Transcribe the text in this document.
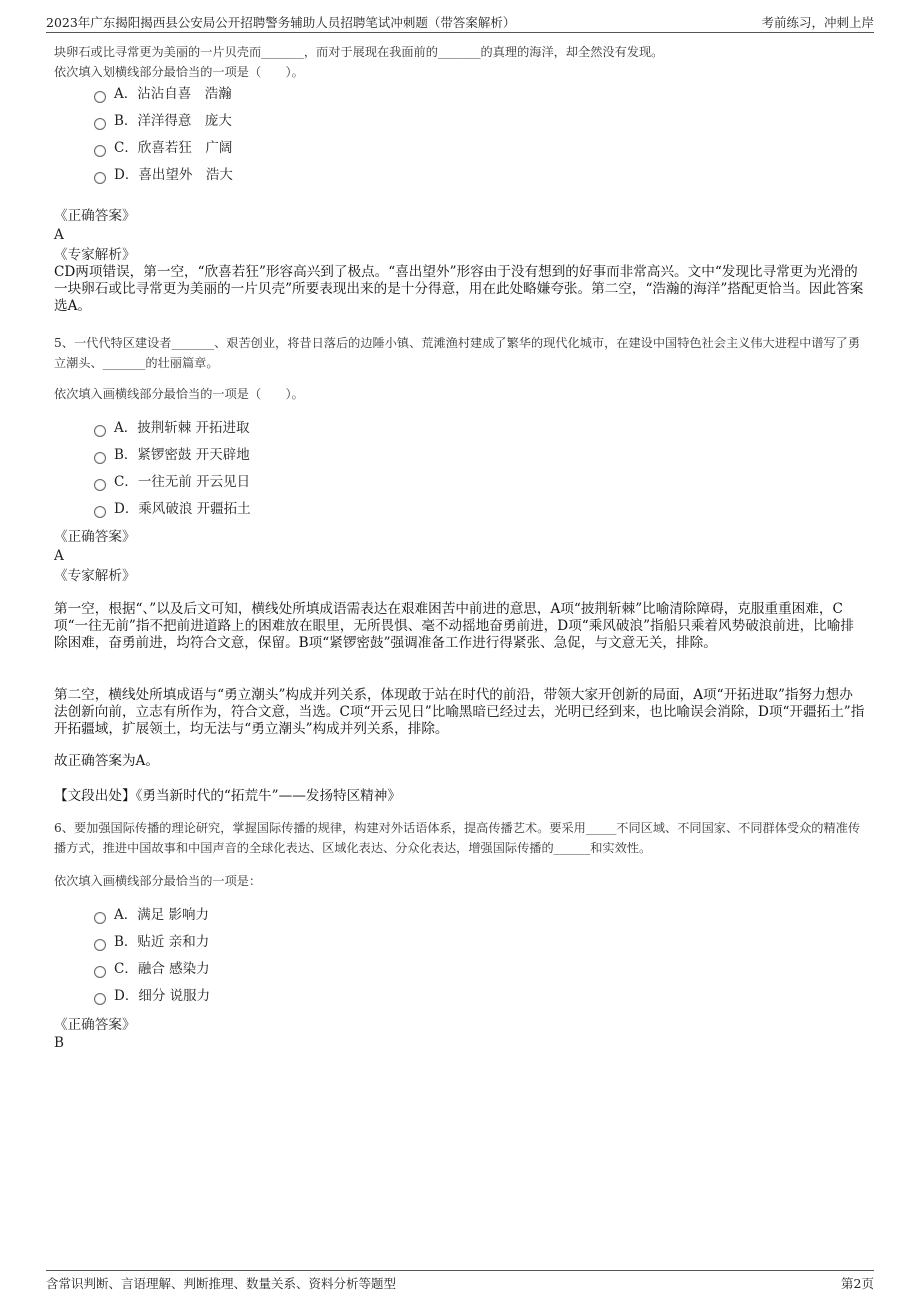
2023年广东揭阳揭西县公安局公开招聘警务辅助人员招聘笔试冲刺题（带答案解析）	考前练习，冲刺上岸
块卵石或比寻常更为美丽的一片贝壳而_______，而对于展现在我面前的_______的真理的海洋，却全然没有发现。
依次填入划横线部分最恰当的一项是（　　）。
A．沾沾自喜　浩瀚
B．洋洋得意　庞大
C．欣喜若狂　广阔
D．喜出望外　浩大
《正确答案》
A
《专家解析》
CD两项错误，第一空，“欣喜若狂”形容高兴到了极点。“喜出望外”形容由于没有想到的好事而非常高兴。文中“发现比寻常更为光滑的一块卵石或比寻常更为美丽的一片贝壳”所要表现出来的是十分得意，用在此处略嫌夸张。第二空，“浩瀚的海洋”搭配更恰当。因此答案选A。
5、一代代特区建设者_______、艰苦创业，将昔日落后的边陲小镇、荒滩渔村建成了繁华的现代化城市，在建设中国特色社会主义伟大进程中谱写了勇立潮头、_______的壮丽篇章。
依次填入画横线部分最恰当的一项是（　　）。
A．披荆斩棘 开拓进取
B．紧锣密鼓 开天辟地
C．一往无前 开云见日
D．乘风破浪 开疆拓土
《正确答案》
A
《专家解析》
第一空，根据“、”以及后文可知，横线处所填成语需表达在艰难困苦中前进的意思，A项“披荆斩棘”比喻清除障碍，克服重重困难，C项“一往无前”指不把前进道路上的困难放在眼里，无所畏惧、毫不动摇地奋勇前进，D项“乘风破浪”指船只乘着风势破浪前进，比喻排除困难，奋勇前进，均符合文意，保留。B项“紧锣密鼓”强调准备工作进行得紧张、急促，与文意无关，排除。
第二空，横线处所填成语与“勇立潮头”构成并列关系，体现敢于站在时代的前沿，带领大家开创新的局面，A项“开拓进取”指努力想办法创新向前，立志有所作为，符合文意，当选。C项“开云见日”比喻黑暗已经过去，光明已经到来，也比喻误会消除，D项“开疆拓土”指开拓疆域，扩展领土，均无法与“勇立潮头”构成并列关系，排除。
故正确答案为A。
【文段出处】《勇当新时代的“拓荒牛”——发扬特区精神》
6、要加强国际传播的理论研究，掌握国际传播的规律，构建对外话语体系，提高传播艺术。要采用_____不同区域、不同国家、不同群体受众的精准传播方式，推进中国故事和中国声音的全球化表达、区域化表达、分众化表达，增强国际传播的______和实效性。
依次填入画横线部分最恰当的一项是：
A．满足 影响力
B．贴近 亲和力
C．融合 感染力
D．细分 说服力
《正确答案》
B
含常识判断、言语理解、判断推理、数量关系、资料分析等题型	第2页
